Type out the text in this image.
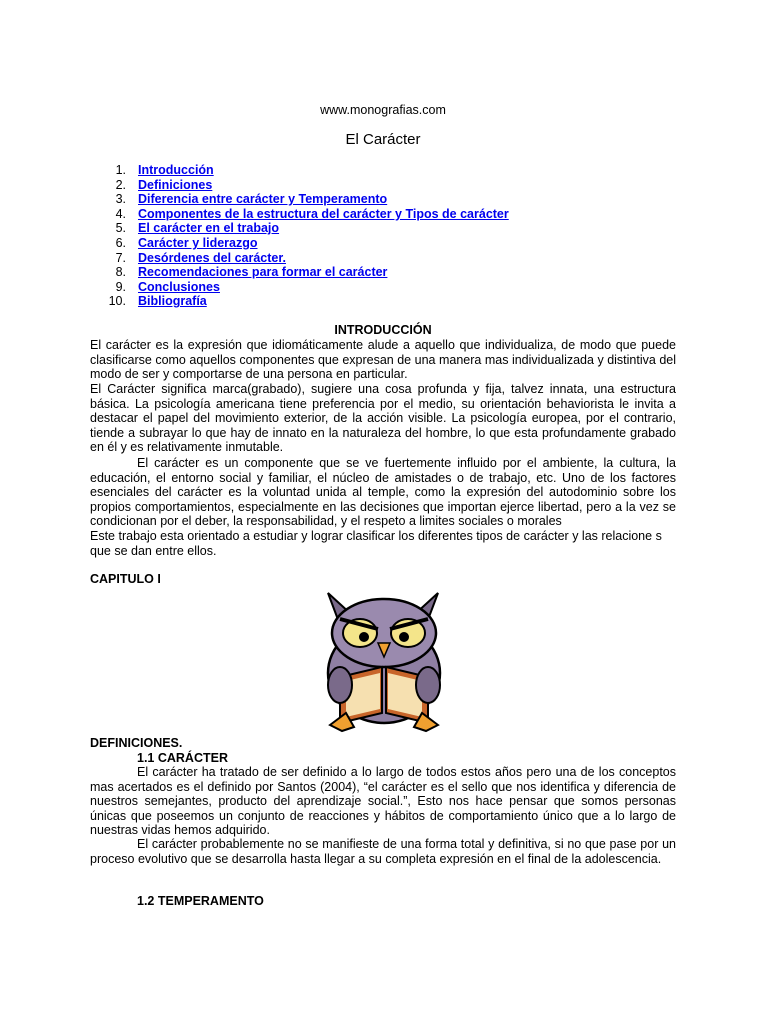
www.monografias.com
El Carácter
1. Introducción
2. Definiciones
3. Diferencia entre carácter y Temperamento
4. Componentes de la estructura del carácter y Tipos de carácter
5. El carácter en el trabajo
6. Carácter y liderazgo
7. Desórdenes del carácter.
8. Recomendaciones para formar el carácter
9. Conclusiones
10. Bibliografía
INTRODUCCIÓN

El carácter es la expresión que idiomáticamente alude a aquello que individualiza, de modo que puede clasificarse como aquellos componentes que expresan de una manera mas individualizada y distintiva del modo de ser y comportarse de una persona en particular.

El Carácter significa marca(grabado), sugiere una cosa profunda y fija, talvez innata, una estructura básica. La psicología americana tiene preferencia por el medio, su orientación behaviorista le invita a destacar el papel del movimiento exterior, de la acción visible. La psicología europea, por el contrario, tiende a subrayar lo que hay de innato en la naturaleza del hombre, lo que esta profundamente grabado en él y es relativamente inmutable.

El carácter es un componente que se ve fuertemente influido por el ambiente, la cultura, la educación, el entorno social y familiar, el núcleo de amistades o de trabajo, etc. Uno de los factores esenciales del carácter es la voluntad unida al temple, como la expresión del autodominio sobre los propios comportamientos, especialmente en las decisiones que importan ejerce libertad, pero a la vez se condicionan por el deber, la responsabilidad, y el respeto a limites sociales o morales

Este trabajo esta orientado a estudiar y lograr clasificar los diferentes tipos de carácter y las relacione s que se dan entre ellos.

CAPITULO I
DEFINICIONES.
1.1 CARÁCTER

El carácter ha tratado de ser definido a lo largo de todos estos años pero una de los conceptos mas acertados es el definido por Santos (2004), “el carácter es el sello que nos identifica y diferencia de nuestros semejantes, producto del aprendizaje social.”, Esto nos hace pensar que somos personas únicas que poseemos un conjunto de reacciones y hábitos de comportamiento único que a lo largo de nuestras vidas hemos adquirido.

El carácter probablemente no se manifieste de una forma total y definitiva, si no que pase por un proceso evolutivo que se desarrolla hasta llegar a su completa expresión en el final de la adolescencia.

1.2 TEMPERAMENTO
